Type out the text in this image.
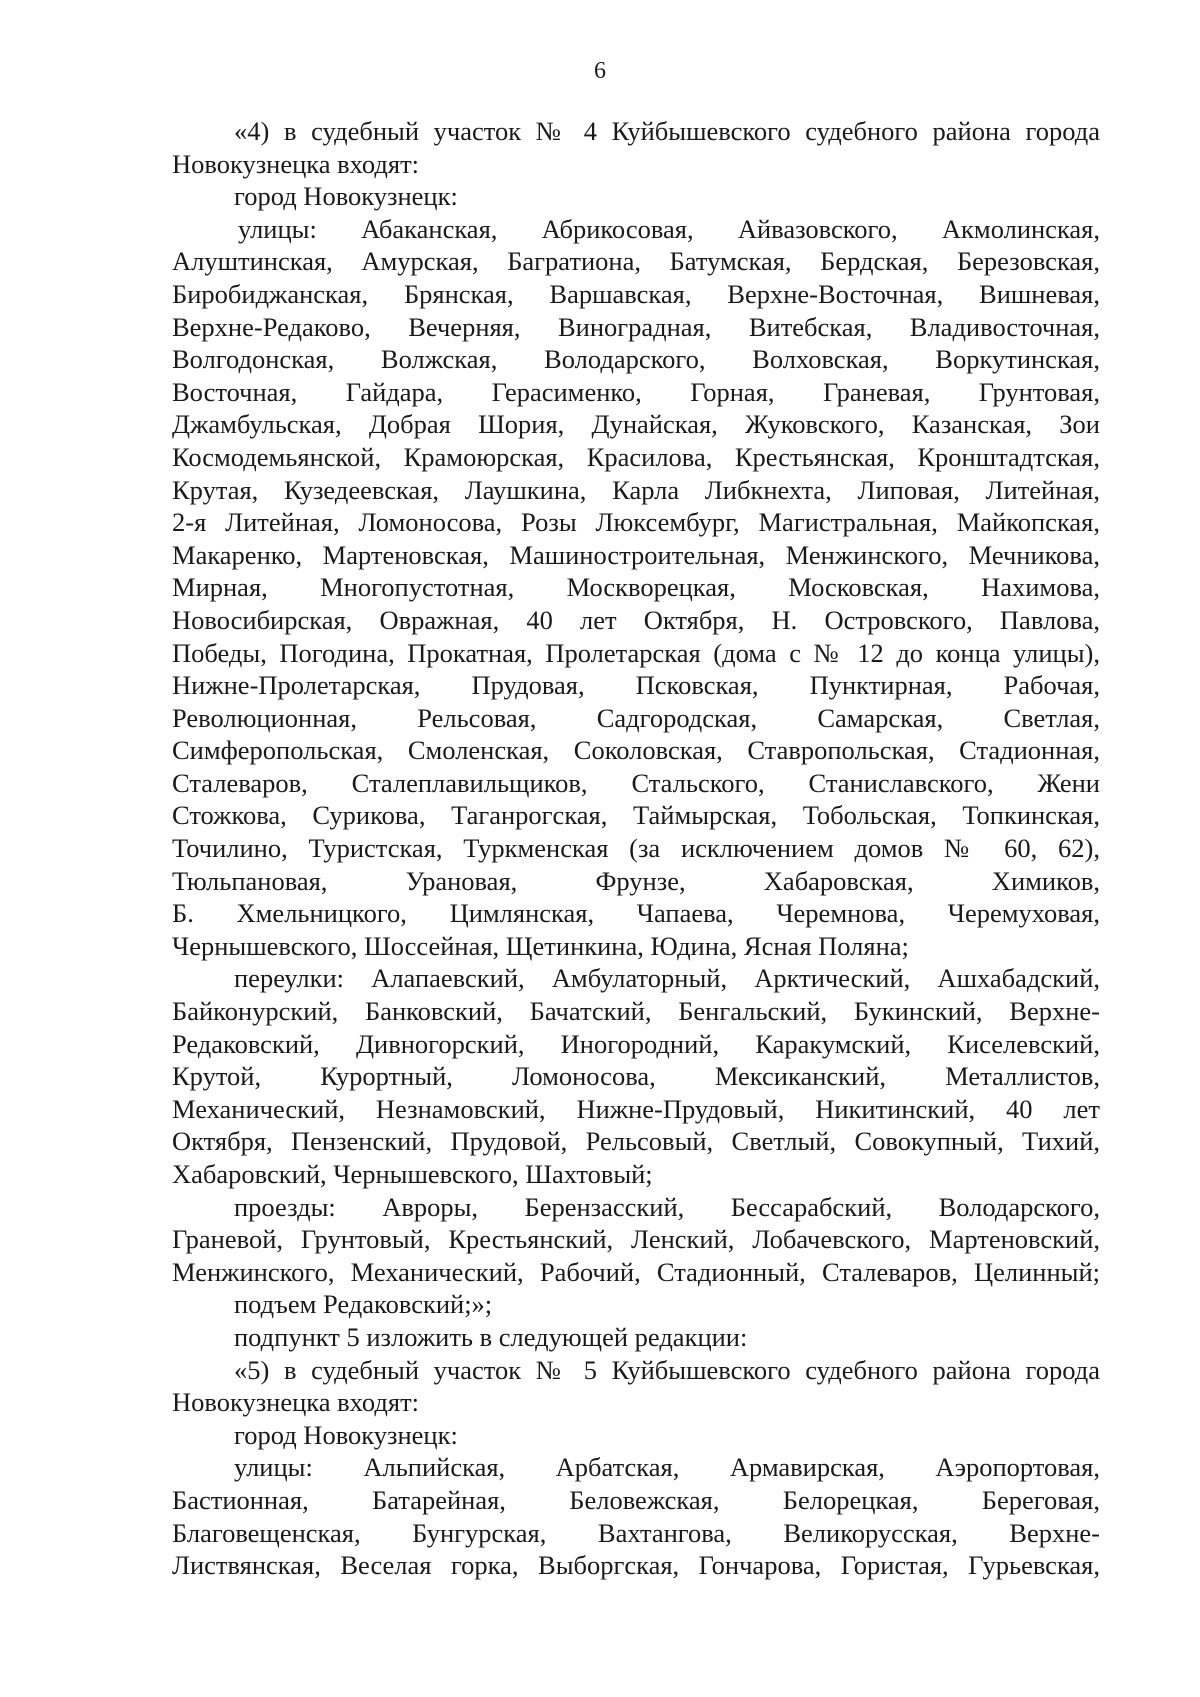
6
«4) в судебный участок № 4 Куйбышевского судебного района города
Новокузнецка входят:
город Новокузнецк:
улицы: Абаканская, Абрикосовая, Айвазовского, Акмолинская,
Алуштинская, Амурская, Багратиона, Батумская, Бердская, Березовская,
Биробиджанская, Брянская, Варшавская, Верхне-Восточная, Вишневая,
Верхне-Редаково, Вечерняя, Виноградная, Витебская, Владивосточная,
Волгодонская, Волжская, Володарского, Волховская, Воркутинская,
Восточная, Гайдара, Герасименко, Горная, Граневая, Грунтовая,
Джамбульская, Добрая Шория, Дунайская, Жуковского, Казанская, Зои
Космодемьянской, Крамоюрская, Красилова, Крестьянская, Кронштадтская,
Крутая, Кузедеевская, Лаушкина, Карла Либкнехта, Липовая, Литейная,
2-я Литейная, Ломоносова, Розы Люксембург, Магистральная, Майкопская,
Макаренко, Мартеновская, Машиностроительная, Менжинского, Мечникова,
Мирная, Многопустотная, Москворецкая, Московская, Нахимова,
Новосибирская, Овражная, 40 лет Октября, Н. Островского, Павлова,
Победы, Погодина, Прокатная, Пролетарская (дома с № 12 до конца улицы),
Нижне-Пролетарская, Прудовая, Псковская, Пунктирная, Рабочая,
Революционная, Рельсовая, Садгородская, Самарская, Светлая,
Симферопольская, Смоленская, Соколовская, Ставропольская, Стадионная,
Сталеваров, Сталеплавильщиков, Стальского, Станиславского, Жени
Стожкова, Сурикова, Таганрогская, Таймырская, Тобольская, Топкинская,
Точилино, Туристская, Туркменская (за исключением домов № 60, 62),
Тюльпановая, Урановая, Фрунзе, Хабаровская, Химиков,
Б. Хмельницкого, Цимлянская, Чапаева, Черемнова, Черемуховая,
Чернышевского, Шоссейная, Щетинкина, Юдина, Ясная Поляна;
переулки: Алапаевский, Амбулаторный, Арктический, Ашхабадский,
Байконурский, Банковский, Бачатский, Бенгальский, Букинский, Верхне-
Редаковский, Дивногорский, Иногородний, Каракумский, Киселевский,
Крутой, Курортный, Ломоносова, Мексиканский, Металлистов,
Механический, Незнамовский, Нижне-Прудовый, Никитинский, 40 лет
Октября, Пензенский, Прудовой, Рельсовый, Светлый, Совокупный, Тихий,
Хабаровский, Чернышевского, Шахтовый;
проезды: Авроры, Берензасский, Бессарабский, Володарского,
Граневой, Грунтовый, Крестьянский, Ленский, Лобачевского, Мартеновский,
Менжинского, Механический, Рабочий, Стадионный, Сталеваров, Целинный;
подъем Редаковский;»;
подпункт 5 изложить в следующей редакции:
«5) в судебный участок № 5 Куйбышевского судебного района города
Новокузнецка входят:
город Новокузнецк:
улицы: Альпийская, Арбатская, Армавирская, Аэропортовая,
Бастионная, Батарейная, Беловежская, Белорецкая, Береговая,
Благовещенская, Бунгурская, Вахтангова, Великорусская, Верхне-
Листвянская, Веселая горка, Выборгская, Гончарова, Гористая, Гурьевская,
